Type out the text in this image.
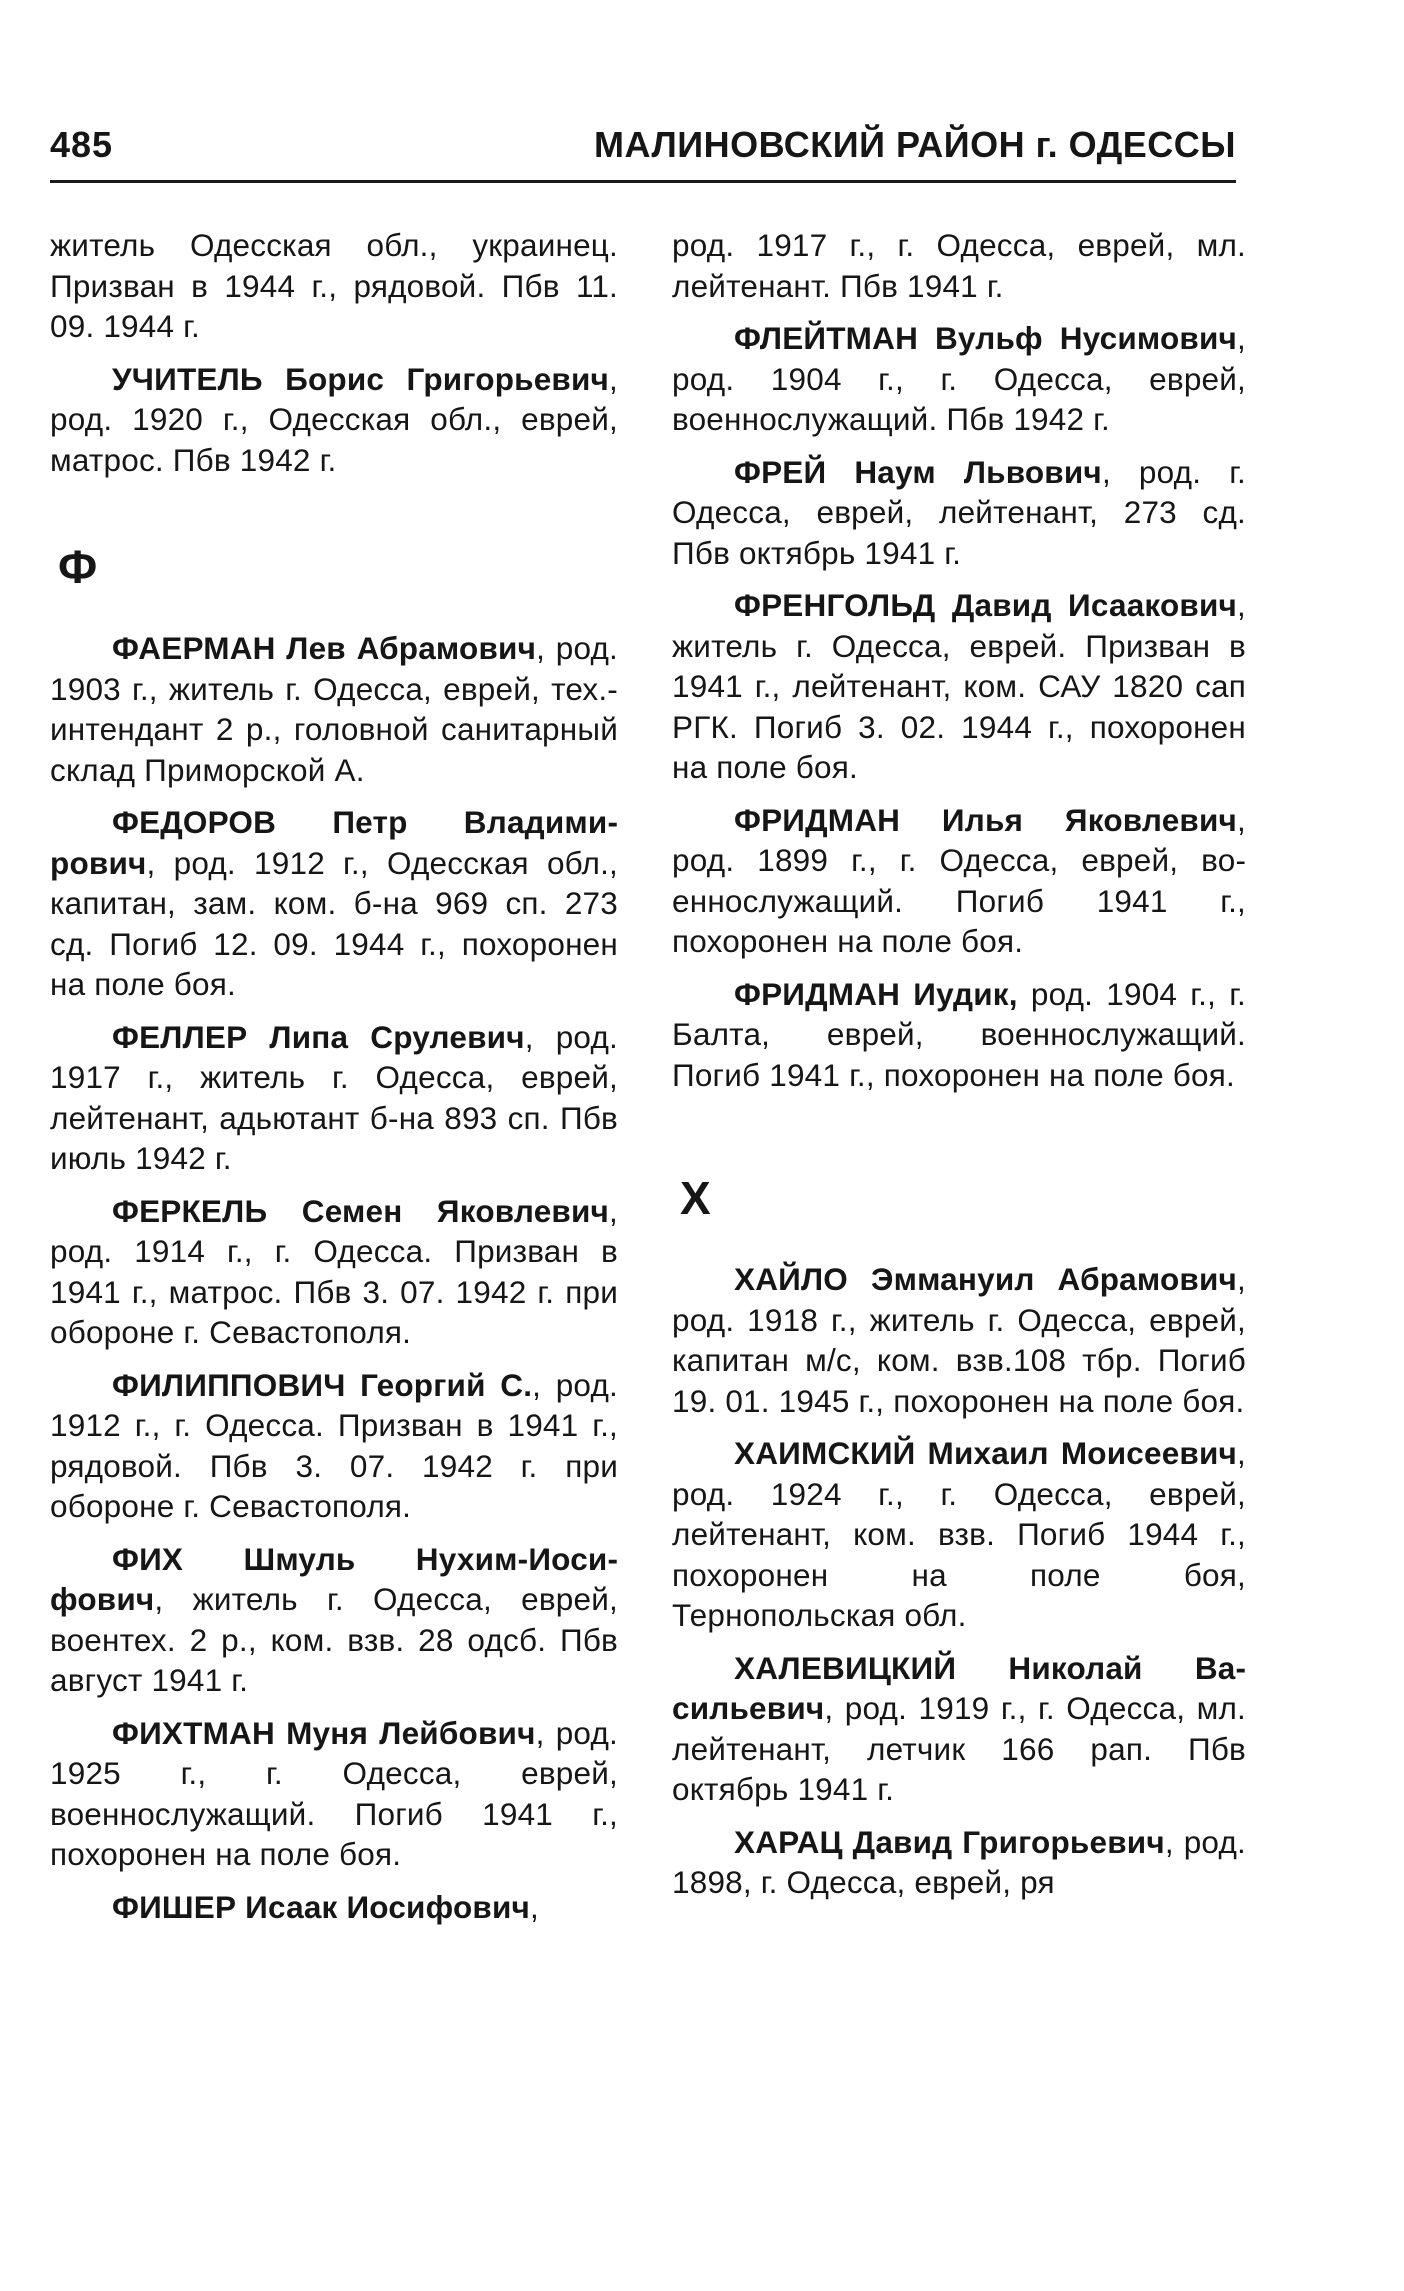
485	МАЛИНОВСКИЙ РАЙОН г. ОДЕССЫ

житель Одесская обл., украинец. Призван в 1944 г., рядовой. Пбв 11. 09. 1944 г.

УЧИТЕЛЬ Борис Григорьевич, род. 1920 г., Одесская обл., еврей, матрос. Пбв 1942 г.

Ф

ФАЕРМАН Лев Абрамович, род. 1903 г., житель г. Одесса, еврей, тех.-интендант 2 р., головной санитарный склад Приморской А.

ФЕДОРОВ Петр Владимирович, род. 1912 г., Одесская обл., капитан, зам. ком. б-на 969 сп. 273 сд. Погиб 12. 09. 1944 г., похоронен на поле боя.

ФЕЛЛЕР Липа Срулевич, род. 1917 г., житель г. Одесса, еврей, лейтенант, адьютант б-на 893 сп. Пбв июль 1942 г.

ФЕРКЕЛЬ Семен Яковлевич, род. 1914 г., г. Одесса. Призван в 1941 г., матрос. Пбв 3. 07. 1942 г. при обороне г. Севастополя.

ФИЛИППОВИЧ Георгий С., род. 1912 г., г. Одесса. Призван в 1941 г., рядовой. Пбв 3. 07. 1942 г. при обороне г. Севастополя.

ФИХ Шмуль Нухим-Иосифович, житель г. Одесса, еврей, воентех. 2 р., ком. взв. 28 одсб. Пбв август 1941 г.

ФИХТМАН Муня Лейбович, род. 1925 г., г. Одесса, еврей, военнослужащий. Погиб 1941 г., похоронен на поле боя.

ФИШЕР Исаак Иосифович,

род. 1917 г., г. Одесса, еврей, мл. лейтенант. Пбв 1941 г.

ФЛЕЙТМАН Вульф Нусимович, род. 1904 г., г. Одесса, еврей, военнослужащий. Пбв 1942 г.

ФРЕЙ Наум Львович, род. г. Одесса, еврей, лейтенант, 273 сд. Пбв октябрь 1941 г.

ФРЕНГОЛЬД Давид Исаакович, житель г. Одесса, еврей. Призван в 1941 г., лейтенант, ком. САУ 1820 сап РГК. Погиб 3. 02. 1944 г., похоронен на поле боя.

ФРИДМАН Илья Яковлевич, род. 1899 г., г. Одесса, еврей, военнослужащий. Погиб 1941 г., похоронен на поле боя.

ФРИДМАН Иудик, род. 1904 г., г. Балта, еврей, военнослужащий. Погиб 1941 г., похоронен на поле боя.

Х

ХАЙЛО Эммануил Абрамович, род. 1918 г., житель г. Одесса, еврей, капитан м/с, ком. взв.108 тбр. Погиб 19. 01. 1945 г., похоронен на поле боя.

ХАИМСКИЙ Михаил Моисеевич, род. 1924 г., г. Одесса, еврей, лейтенант, ком. взв. Погиб 1944 г., похоронен на поле боя, Тернопольская обл.

ХАЛЕВИЦКИЙ Николай Васильевич, род. 1919 г., г. Одесса, мл. лейтенант, летчик 166 рап. Пбв октябрь 1941 г.

ХАРАЦ Давид Григорьевич, род. 1898, г. Одесса, еврей, ря
